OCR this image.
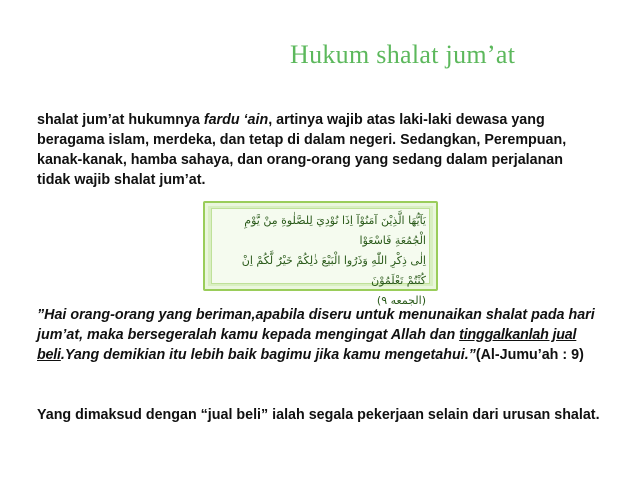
Hukum shalat jum’at
shalat jum’at hukumnya fardu ‘ain, artinya wajib atas laki-laki dewasa yang beragama islam, merdeka, dan tetap di dalam negeri. Sedangkan, Perempuan, kanak-kanak, hamba sahaya, dan orang-orang yang sedang dalam perjalanan tidak wajib shalat jum’at.
يَآيُّهَا الَّذِيْنَ آمَنُوْآ اِذَا نُوْدِيَ لِلصَّلٰوةِ مِنْ يَّوْمِ الْجُمُعَةِ فَاسْعَوْا
اِلٰى ذِكْرِ اللّٰهِ وَذَرُوا الْبَيْعَ ذٰلِكُمْ خَيْرٌ لَّكُمْ اِنْ كُنْتُمْ تَعْلَمُوْنَ
(الجمعه ٩)
”Hai orang-orang yang beriman,apabila diseru untuk menunaikan shalat pada hari jum’at, maka bersegeralah kamu kepada mengingat Allah dan tinggalkanlah jual beli.Yang demikian itu lebih baik bagimu jika kamu mengetahui.”(Al-Jumu’ah : 9)
Yang dimaksud dengan “jual beli” ialah segala pekerjaan selain dari urusan shalat.
